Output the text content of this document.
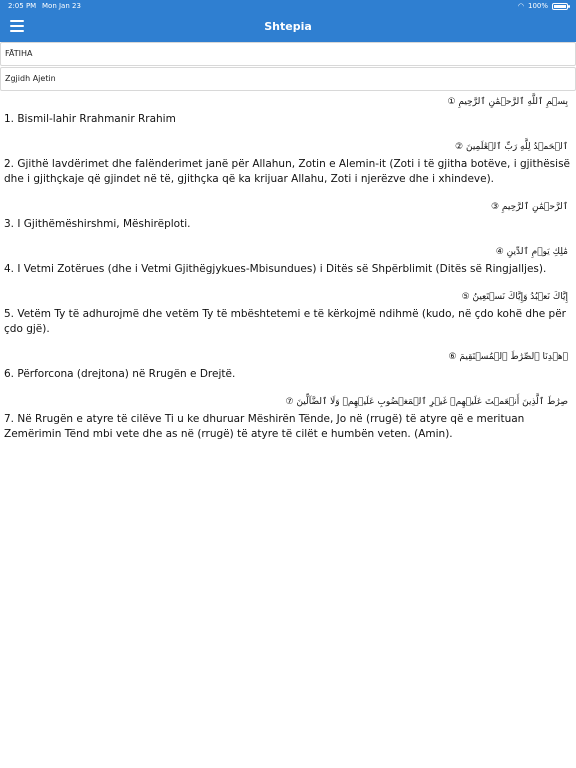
2:05 PM Mon Jan 23	◠ 100%
Shtepia
FĀTIHA
Zgjidh Ajetin
بِسۡمِ ٱللَّهِ ٱلرَّحۡمَٰنِ ٱلرَّحِيمِ ①
1. Bismil-lahir Rrahmanir Rrahim
ٱلۡحَمۡدُ لِلَّهِ رَبِّ ٱلۡعَٰلَمِينَ ②
2. Gjithë lavdërimet dhe falënderimet janë për Allahun, Zotin e Alemin-it (Zoti i të gjitha botëve, i gjithësisë dhe i gjithçkaje që gjindet në të, gjithçka që ka krijuar Allahu, Zoti i njerëzve dhe i xhindeve).
ٱلرَّحۡمَٰنِ ٱلرَّحِيمِ ③
3. I Gjithëmëshirshmi, Mëshirëploti.
مَٰلِكِ يَوۡمِ ٱلدِّينِ ④
4. I Vetmi Zotërues (dhe i Vetmi Gjithëgjykues-Mbisundues) i Ditës së Shpërblimit (Ditës së Ringjalljes).
إِيَّاكَ نَعۡبُدُ وَإِيَّاكَ نَسۡتَعِينُ ⑤
5. Vetëm Ty të adhurojmë dhe vetëm Ty të mbështetemi e të kërkojmë ndihmë (kudo, në çdo kohë dhe për çdo gjë).
ٱهۡدِنَا ٱلصِّرَٰطَ ٱلۡمُسۡتَقِيمَ ⑥
6. Përforcona (drejtona) në Rrugën e Drejtë.
صِرَٰطَ ٱلَّذِينَ أَنۡعَمۡتَ عَلَيۡهِمۡ غَيۡرِ ٱلۡمَغۡضُوبِ عَلَيۡهِمۡ وَلَا ٱلضَّآلِّينَ ⑦
7. Në Rrugën e atyre të cilëve Ti u ke dhuruar Mëshirën Tënde, Jo në (rrugë) të atyre që e merituan Zemërimin Tënd mbi vete dhe as në (rrugë) të atyre të cilët e humbën veten. (Amin).
